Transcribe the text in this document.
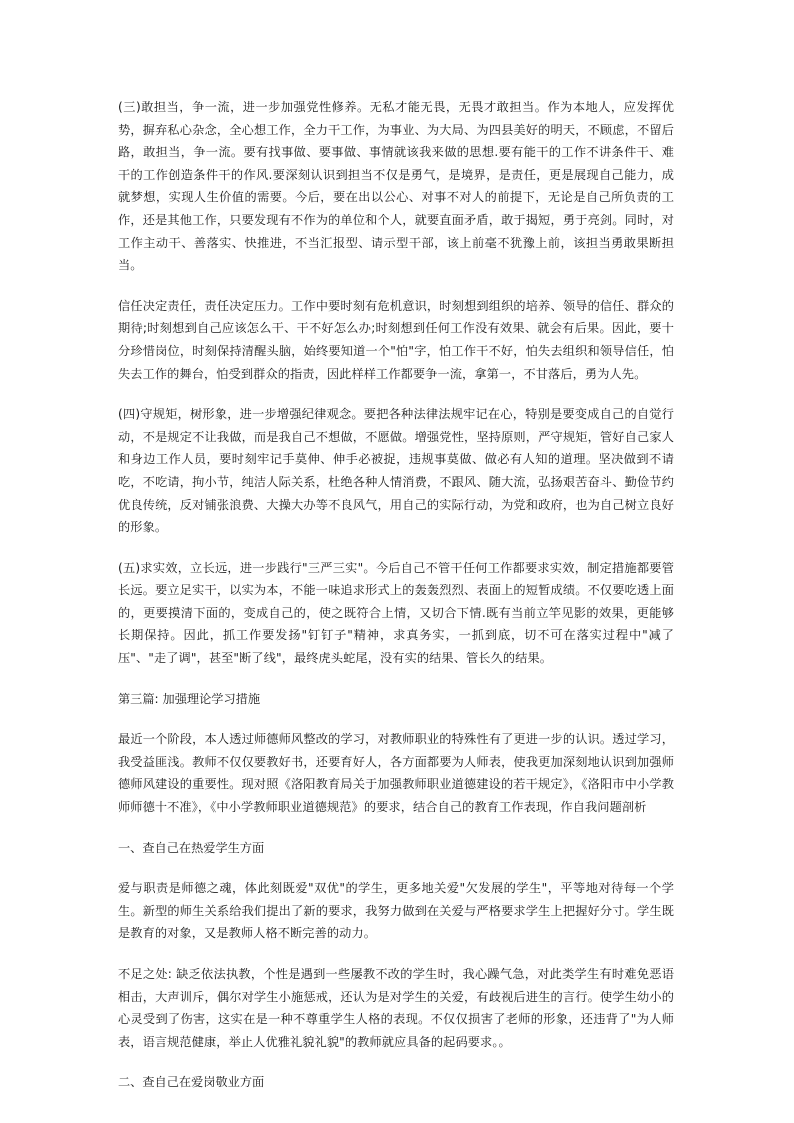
(三)敢担当，争一流，进一步加强党性修养。无私才能无畏，无畏才敢担当。作为本地人，应发挥优势，摒弃私心杂念，全心想工作，全力干工作，为事业、为大局、为四县美好的明天，不顾虑，不留后路，敢担当，争一流。要有找事做、要事做、事情就该我来做的思想.要有能干的工作不讲条件干、难干的工作创造条件干的作风.要深刻认识到担当不仅是勇气，是境界，是责任，更是展现自己能力，成就梦想，实现人生价值的需要。今后，要在出以公心、对事不对人的前提下，无论是自己所负责的工作，还是其他工作，只要发现有不作为的单位和个人，就要直面矛盾，敢于揭短，勇于亮剑。同时，对工作主动干、善落实、快推进，不当汇报型、请示型干部，该上前毫不犹豫上前，该担当勇敢果断担当。

信任决定责任，责任决定压力。工作中要时刻有危机意识，时刻想到组织的培养、领导的信任、群众的期待;时刻想到自己应该怎么干、干不好怎么办;时刻想到任何工作没有效果、就会有后果。因此，要十分珍惜岗位，时刻保持清醒头脑，始终要知道一个"怕"字，怕工作干不好，怕失去组织和领导信任，怕失去工作的舞台，怕受到群众的指责，因此样样工作都要争一流，拿第一，不甘落后，勇为人先。

(四)守规矩，树形象，进一步增强纪律观念。要把各种法律法规牢记在心，特别是要变成自己的自觉行动，不是规定不让我做，而是我自己不想做，不愿做。增强党性，坚持原则，严守规矩，管好自己家人和身边工作人员，要时刻牢记手莫伸、伸手必被捉，违规事莫做、做必有人知的道理。坚决做到不请吃，不吃请，拘小节，纯洁人际关系，杜绝各种人情消费，不跟风、随大流，弘扬艰苦奋斗、勤俭节约优良传统，反对铺张浪费、大操大办等不良风气，用自己的实际行动，为党和政府，也为自己树立良好的形象。

(五)求实效，立长远，进一步践行"三严三实"。今后自己不管干任何工作都要求实效，制定措施都要管长远。要立足实干，以实为本，不能一味追求形式上的轰轰烈烈、表面上的短暂成绩。不仅要吃透上面的，更要摸清下面的，变成自己的，使之既符合上情，又切合下情.既有当前立竿见影的效果，更能够长期保持。因此，抓工作要发扬"钉钉子"精神，求真务实，一抓到底，切不可在落实过程中"减了压"、"走了调"，甚至"断了线"，最终虎头蛇尾，没有实的结果、管长久的结果。

第三篇: 加强理论学习措施

最近一个阶段，本人透过师德师风整改的学习，对教师职业的特殊性有了更进一步的认识。透过学习，我受益匪浅。教师不仅仅要教好书，还要育好人，各方面都要为人师表，使我更加深刻地认识到加强师德师风建设的重要性。现对照《洛阳教育局关于加强教师职业道德建设的若干规定》，《洛阳市中小学教师师德十不准》，《中小学教师职业道德规范》的要求，结合自己的教育工作表现，作自我问题剖析

一、查自己在热爱学生方面

爱与职责是师德之魂，体此刻既爱"双优"的学生，更多地关爱"欠发展的学生"，平等地对待每一个学生。新型的师生关系给我们提出了新的要求，我努力做到在关爱与严格要求学生上把握好分寸。学生既是教育的对象，又是教师人格不断完善的动力。

不足之处: 缺乏依法执教，个性是遇到一些屡教不改的学生时，我心躁气急，对此类学生有时难免恶语相击，大声训斥，偶尔对学生小施惩戒，还认为是对学生的关爱，有歧视后进生的言行。使学生幼小的心灵受到了伤害，这实在是一种不尊重学生人格的表现。不仅仅损害了老师的形象，还违背了"为人师表，语言规范健康，举止人优雅礼貌礼貌"的教师就应具备的起码要求。。

二、查自己在爱岗敬业方面
